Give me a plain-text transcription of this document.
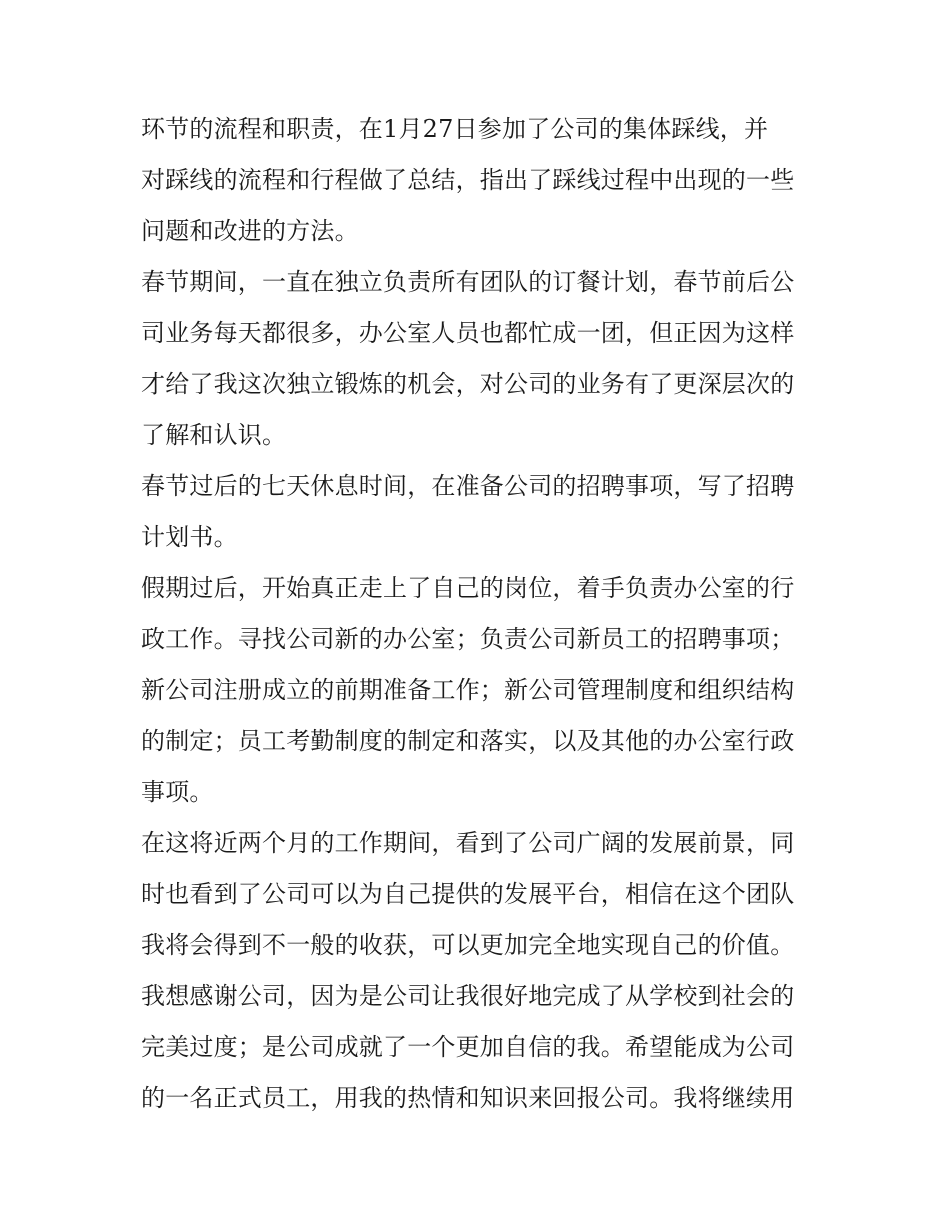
环节的流程和职责，在1月27日参加了公司的集体踩线，并
对踩线的流程和行程做了总结，指出了踩线过程中出现的一些
问题和改进的方法。
春节期间，一直在独立负责所有团队的订餐计划，春节前后公
司业务每天都很多，办公室人员也都忙成一团，但正因为这样
才给了我这次独立锻炼的机会，对公司的业务有了更深层次的
了解和认识。
春节过后的七天休息时间，在准备公司的招聘事项，写了招聘
计划书。
假期过后，开始真正走上了自己的岗位，着手负责办公室的行
政工作。寻找公司新的办公室；负责公司新员工的招聘事项；
新公司注册成立的前期准备工作；新公司管理制度和组织结构
的制定；员工考勤制度的制定和落实，以及其他的办公室行政
事项。
在这将近两个月的工作期间，看到了公司广阔的发展前景，同
时也看到了公司可以为自己提供的发展平台，相信在这个团队
我将会得到不一般的收获，可以更加完全地实现自己的价值。
我想感谢公司，因为是公司让我很好地完成了从学校到社会的
完美过度；是公司成就了一个更加自信的我。希望能成为公司
的一名正式员工，用我的热情和知识来回报公司。我将继续用
